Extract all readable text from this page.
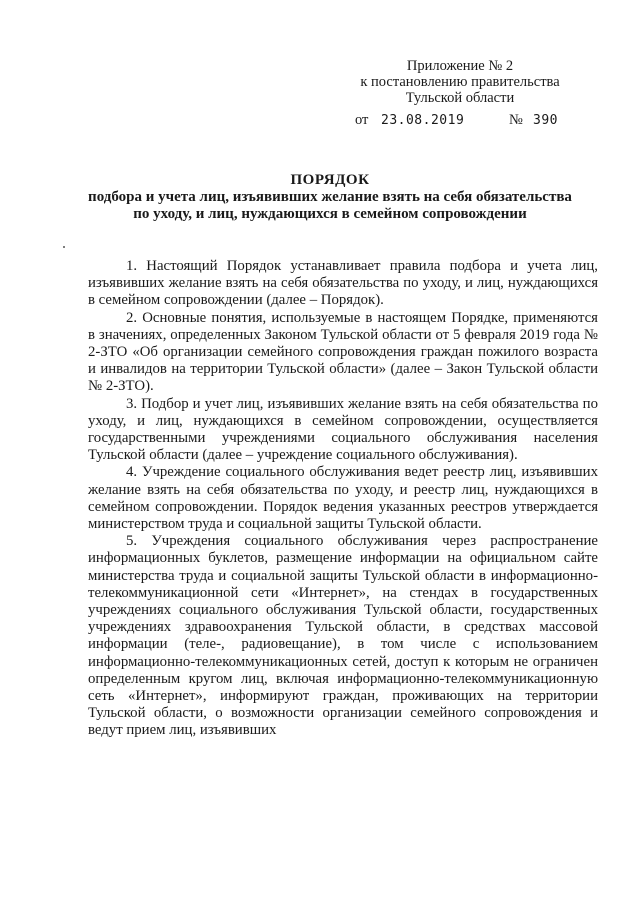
Приложение № 2
к постановлению правительства
Тульской области
от 23.08.2019	№ 390
ПОРЯДОК
подбора и учета лиц, изъявивших желание взять на себя обязательства
по уходу, и лиц, нуждающихся в семейном сопровождении

1. Настоящий Порядок устанавливает правила подбора и учета лиц, изъявивших желание взять на себя обязательства по уходу, и лиц, нуждающихся в семейном сопровождении (далее – Порядок).

2. Основные понятия, используемые в настоящем Порядке, применяются в значениях, определенных Законом Тульской области от 5 февраля 2019 года № 2-ЗТО «Об организации семейного сопровождения граждан пожилого возраста и инвалидов на территории Тульской области» (далее – Закон Тульской области № 2-ЗТО).

3. Подбор и учет лиц, изъявивших желание взять на себя обязательства по уходу, и лиц, нуждающихся в семейном сопровождении, осуществляется государственными учреждениями социального обслуживания населения Тульской области (далее – учреждение социального обслуживания).

4. Учреждение социального обслуживания ведет реестр лиц, изъявивших желание взять на себя обязательства по уходу, и реестр лиц, нуждающихся в семейном сопровождении. Порядок ведения указанных реестров утверждается министерством труда и социальной защиты Тульской области.

5. Учреждения социального обслуживания через распространение информационных буклетов, размещение информации на официальном сайте министерства труда и социальной защиты Тульской области в информационно-телекоммуникационной сети «Интернет», на стендах в государственных учреждениях социального обслуживания Тульской области, государственных учреждениях здравоохранения Тульской области, в средствах массовой информации (теле-, радиовещание), в том числе с использованием информационно-телекоммуникационных сетей, доступ к которым не ограничен определенным кругом лиц, включая информационно-телекоммуникационную сеть «Интернет», информируют граждан, проживающих на территории Тульской области, о возможности организации семейного сопровождения и ведут прием лиц, изъявивших
